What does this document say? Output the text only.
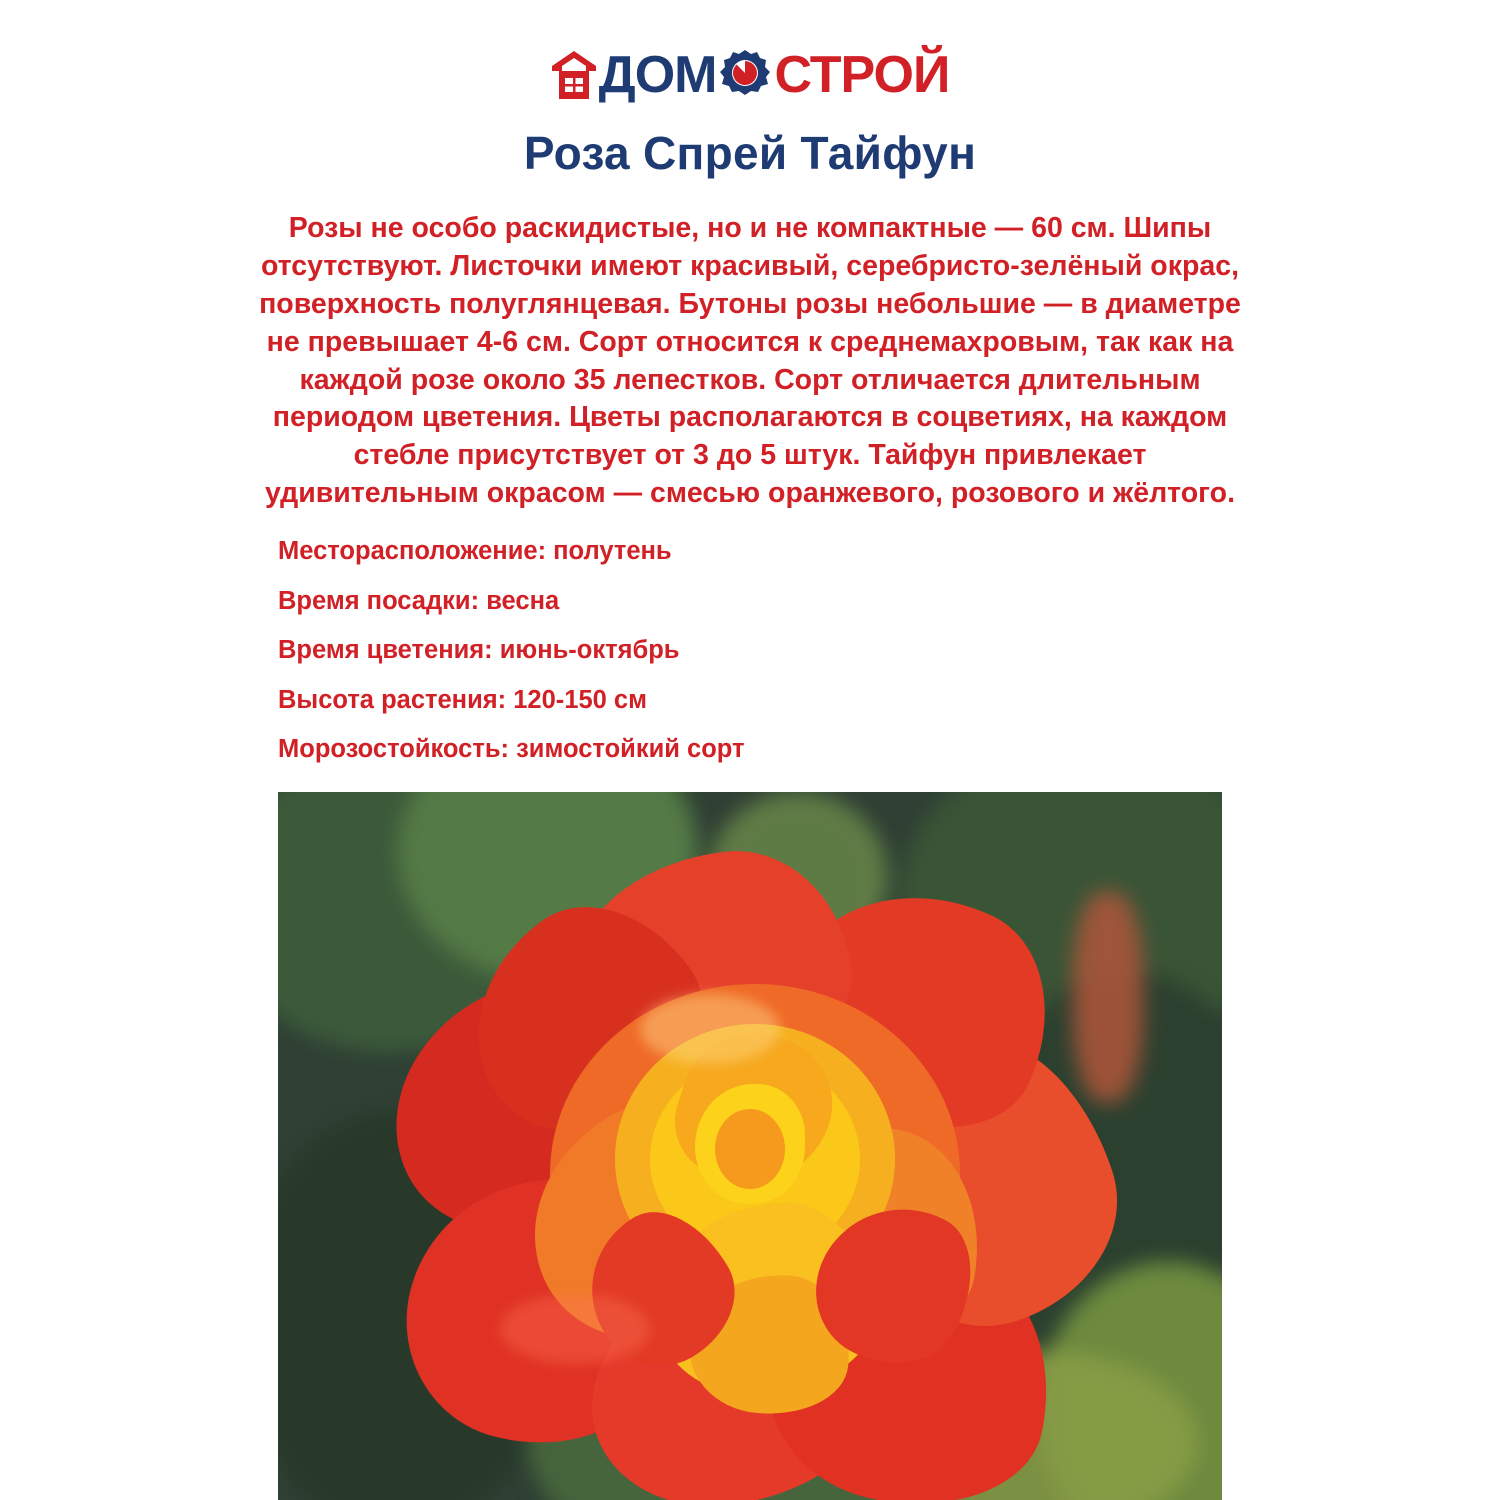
ДОМ СТРОЙ
Роза Спрей Тайфун

Розы не особо раскидистые, но и не компактные — 60 см. Шипы отсутствуют. Листочки имеют красивый, серебристо-зелёный окрас, поверхность полуглянцевая. Бутоны розы небольшие — в диаметре не превышает 4-6 см. Сорт относится к среднемахровым, так как на каждой розе около 35 лепестков. Сорт отличается длительным периодом цветения. Цветы располагаются в соцветиях, на каждом стебле присутствует от 3 до 5 штук. Тайфун привлекает удивительным окрасом — смесью оранжевого, розового и жёлтого.

Месторасположение: полутень
Время посадки: весна
Время цветения: июнь-октябрь
Высота растения: 120-150 см
Морозостойкость: зимостойкий сорт
